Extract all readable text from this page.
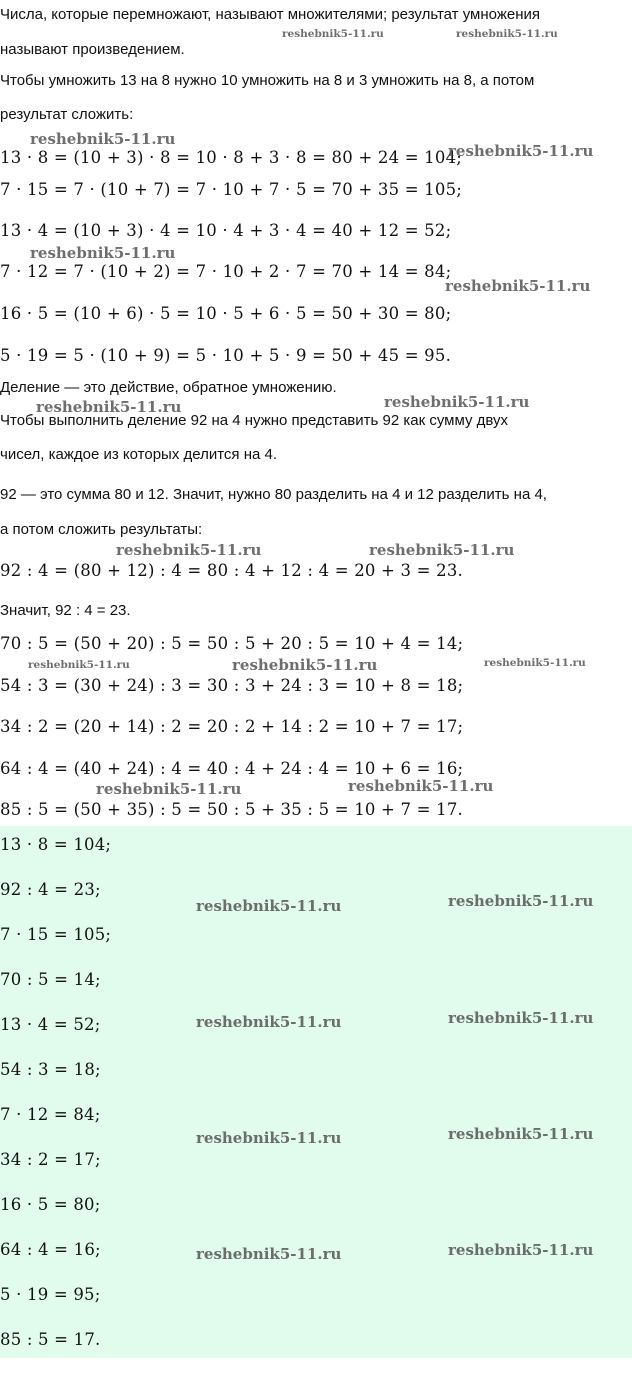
Числа, которые перемножают, называют множителями; результат умножения
называют произведением.
Чтобы умножить 13 на 8 нужно 10 умножить на 8 и 3 умножить на 8, а потом
результат сложить:
13 · 8 = (10 + 3) · 8 = 10 · 8 + 3 · 8 = 80 + 24 = 104;
7 · 15 = 7 · (10 + 7) = 7 · 10 + 7 · 5 = 70 + 35 = 105;
13 · 4 = (10 + 3) · 4 = 10 · 4 + 3 · 4 = 40 + 12 = 52;
7 · 12 = 7 · (10 + 2) = 7 · 10 + 2 · 7 = 70 + 14 = 84;
16 · 5 = (10 + 6) · 5 = 10 · 5 + 6 · 5 = 50 + 30 = 80;
5 · 19 = 5 · (10 + 9) = 5 · 10 + 5 · 9 = 50 + 45 = 95.
Деление — это действие, обратное умножению.
Чтобы выполнить деление 92 на 4 нужно представить 92 как сумму двух
чисел, каждое из которых делится на 4.
92 — это сумма 80 и 12. Значит, нужно 80 разделить на 4 и 12 разделить на 4,
а потом сложить результаты:
92 : 4 = (80 + 12) : 4 = 80 : 4 + 12 : 4 = 20 + 3 = 23.
Значит, 92 : 4 = 23.
70 : 5 = (50 + 20) : 5 = 50 : 5 + 20 : 5 = 10 + 4 = 14;
54 : 3 = (30 + 24) : 3 = 30 : 3 + 24 : 3 = 10 + 8 = 18;
34 : 2 = (20 + 14) : 2 = 20 : 2 + 14 : 2 = 10 + 7 = 17;
64 : 4 = (40 + 24) : 4 = 40 : 4 + 24 : 4 = 10 + 6 = 16;
85 : 5 = (50 + 35) : 5 = 50 : 5 + 35 : 5 = 10 + 7 = 17.
13 · 8 = 104;
92 : 4 = 23;
7 · 15 = 105;
70 : 5 = 14;
13 · 4 = 52;
54 : 3 = 18;
7 · 12 = 84;
34 : 2 = 17;
16 · 5 = 80;
64 : 4 = 16;
5 · 19 = 95;
85 : 5 = 17.
reshebnik5-11.ru	reshebnik5-11.ru
reshebnik5-11.ru
reshebnik5-11.ru
reshebnik5-11.ru
reshebnik5-11.ru
reshebnik5-11.ru	reshebnik5-11.ru
reshebnik5-11.ru	reshebnik5-11.ru
reshebnik5-11.ru	reshebnik5-11.ru	reshebnik5-11.ru
reshebnik5-11.ru	reshebnik5-11.ru
reshebnik5-11.ru	reshebnik5-11.ru
reshebnik5-11.ru	reshebnik5-11.ru
reshebnik5-11.ru	reshebnik5-11.ru
reshebnik5-11.ru	reshebnik5-11.ru
